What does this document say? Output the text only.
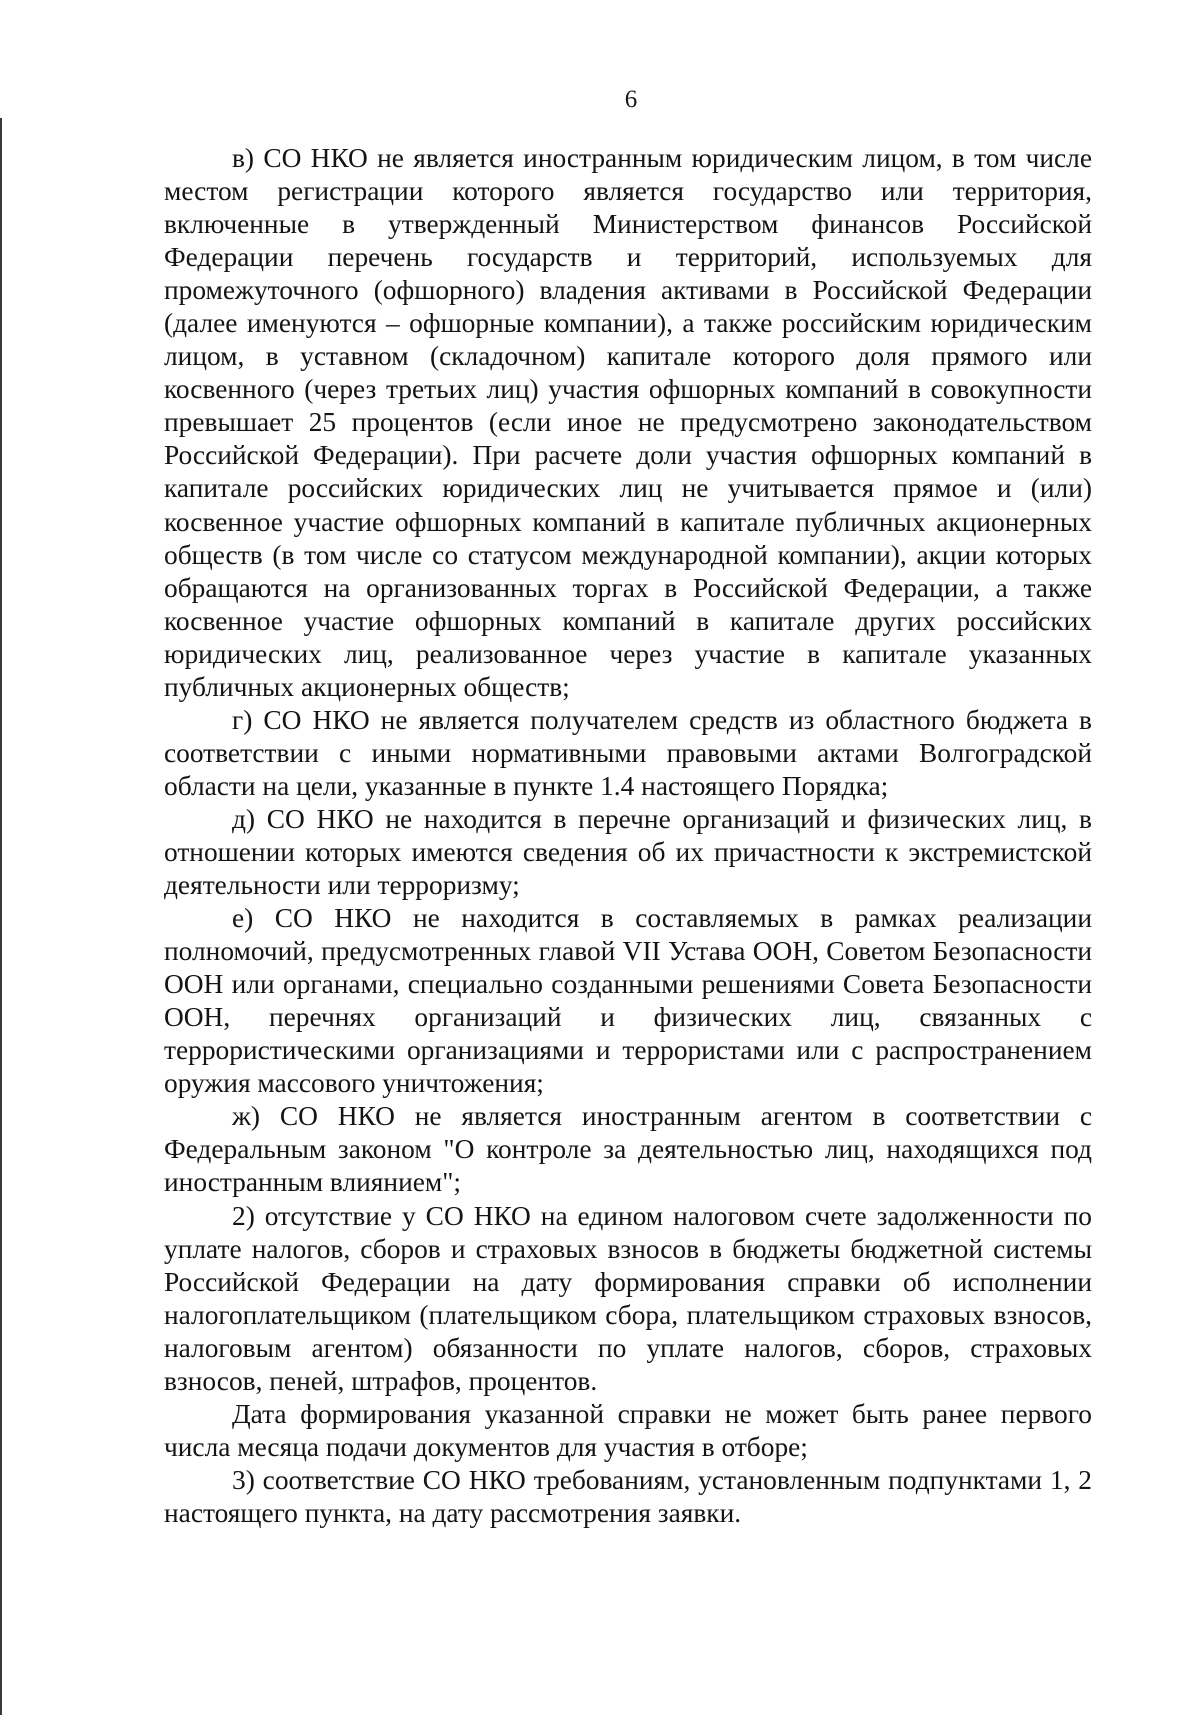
6

в) СО НКО не является иностранным юридическим лицом, в том числе местом регистрации которого является государство или территория, включенные в утвержденный Министерством финансов Российской Федерации перечень государств и территорий, используемых для промежуточного (офшорного) владения активами в Российской Федерации (далее именуются – офшорные компании), а также российским юридическим лицом, в уставном (складочном) капитале которого доля прямого или косвенного (через третьих лиц) участия офшорных компаний в совокупности превышает 25 процентов (если иное не предусмотрено законодательством Российской Федерации). При расчете доли участия офшорных компаний в капитале российских юридических лиц не учитывается прямое и (или) косвенное участие офшорных компаний в капитале публичных акционерных обществ (в том числе со статусом международной компании), акции которых обращаются на организованных торгах в Российской Федерации, а также косвенное участие офшорных компаний в капитале других российских юридических лиц, реализованное через участие в капитале указанных публичных акционерных обществ;

г) СО НКО не является получателем средств из областного бюджета в соответствии с иными нормативными правовыми актами Волгоградской области на цели, указанные в пункте 1.4 настоящего Порядка;

д) СО НКО не находится в перечне организаций и физических лиц, в отношении которых имеются сведения об их причастности к экстремистской деятельности или терроризму;

е) СО НКО не находится в составляемых в рамках реализации полномочий, предусмотренных главой VII Устава ООН, Советом Безопасности ООН или органами, специально созданными решениями Совета Безопасности ООН, перечнях организаций и физических лиц, связанных с террористическими организациями и террористами или с распространением оружия массового уничтожения;

ж) СО НКО не является иностранным агентом в соответствии с Федеральным законом "О контроле за деятельностью лиц, находящихся под иностранным влиянием";

2) отсутствие у СО НКО на едином налоговом счете задолженности по уплате налогов, сборов и страховых взносов в бюджеты бюджетной системы Российской Федерации на дату формирования справки об исполнении налогоплательщиком (плательщиком сбора, плательщиком страховых взносов, налоговым агентом) обязанности по уплате налогов, сборов, страховых взносов, пеней, штрафов, процентов.

Дата формирования указанной справки не может быть ранее первого числа месяца подачи документов для участия в отборе;

3) соответствие СО НКО требованиям, установленным подпунктами 1, 2 настоящего пункта, на дату рассмотрения заявки.
